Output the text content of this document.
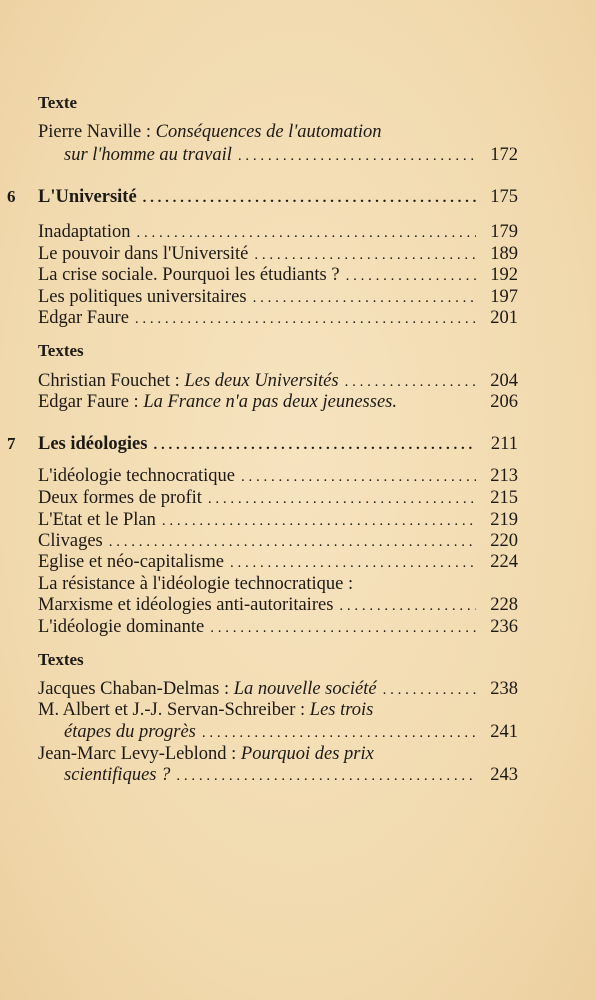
Texte
Pierre Naville :
Conséquences de l'automation
sur l'homme au travail . . .	172
6 L'Université . . .	175
Inadaptation . . .	179
Le pouvoir dans l'Université . . .	189
La crise sociale. Pourquoi les étudiants ? . . .	192
Les politiques universitaires . . .	197
Edgar Faure . . .	201
Textes
Christian Fouchet :
Les deux Universités . . .	204
Edgar Faure :
La France n'a pas deux jeunesses.	206
7 Les idéologies . . .	211
L'idéologie technocratique . . .	213
Deux formes de profit . . .	215
L'Etat et le Plan . . .	219
Clivages . . .	220
Eglise et néo-capitalisme . . .	224
La résistance à l'idéologie technocratique :
Marxisme et idéologies anti-autoritaires . . .	228
L'idéologie dominante . . .	236
Textes
Jacques Chaban-Delmas :
La nouvelle société . . .	238
M. Albert et J.-J. Servan-Schreiber :
Les trois
étapes du progrès . . .	241
Jean-Marc Levy-Leblond :
Pourquoi des prix
scientifiques ? . . .	243
